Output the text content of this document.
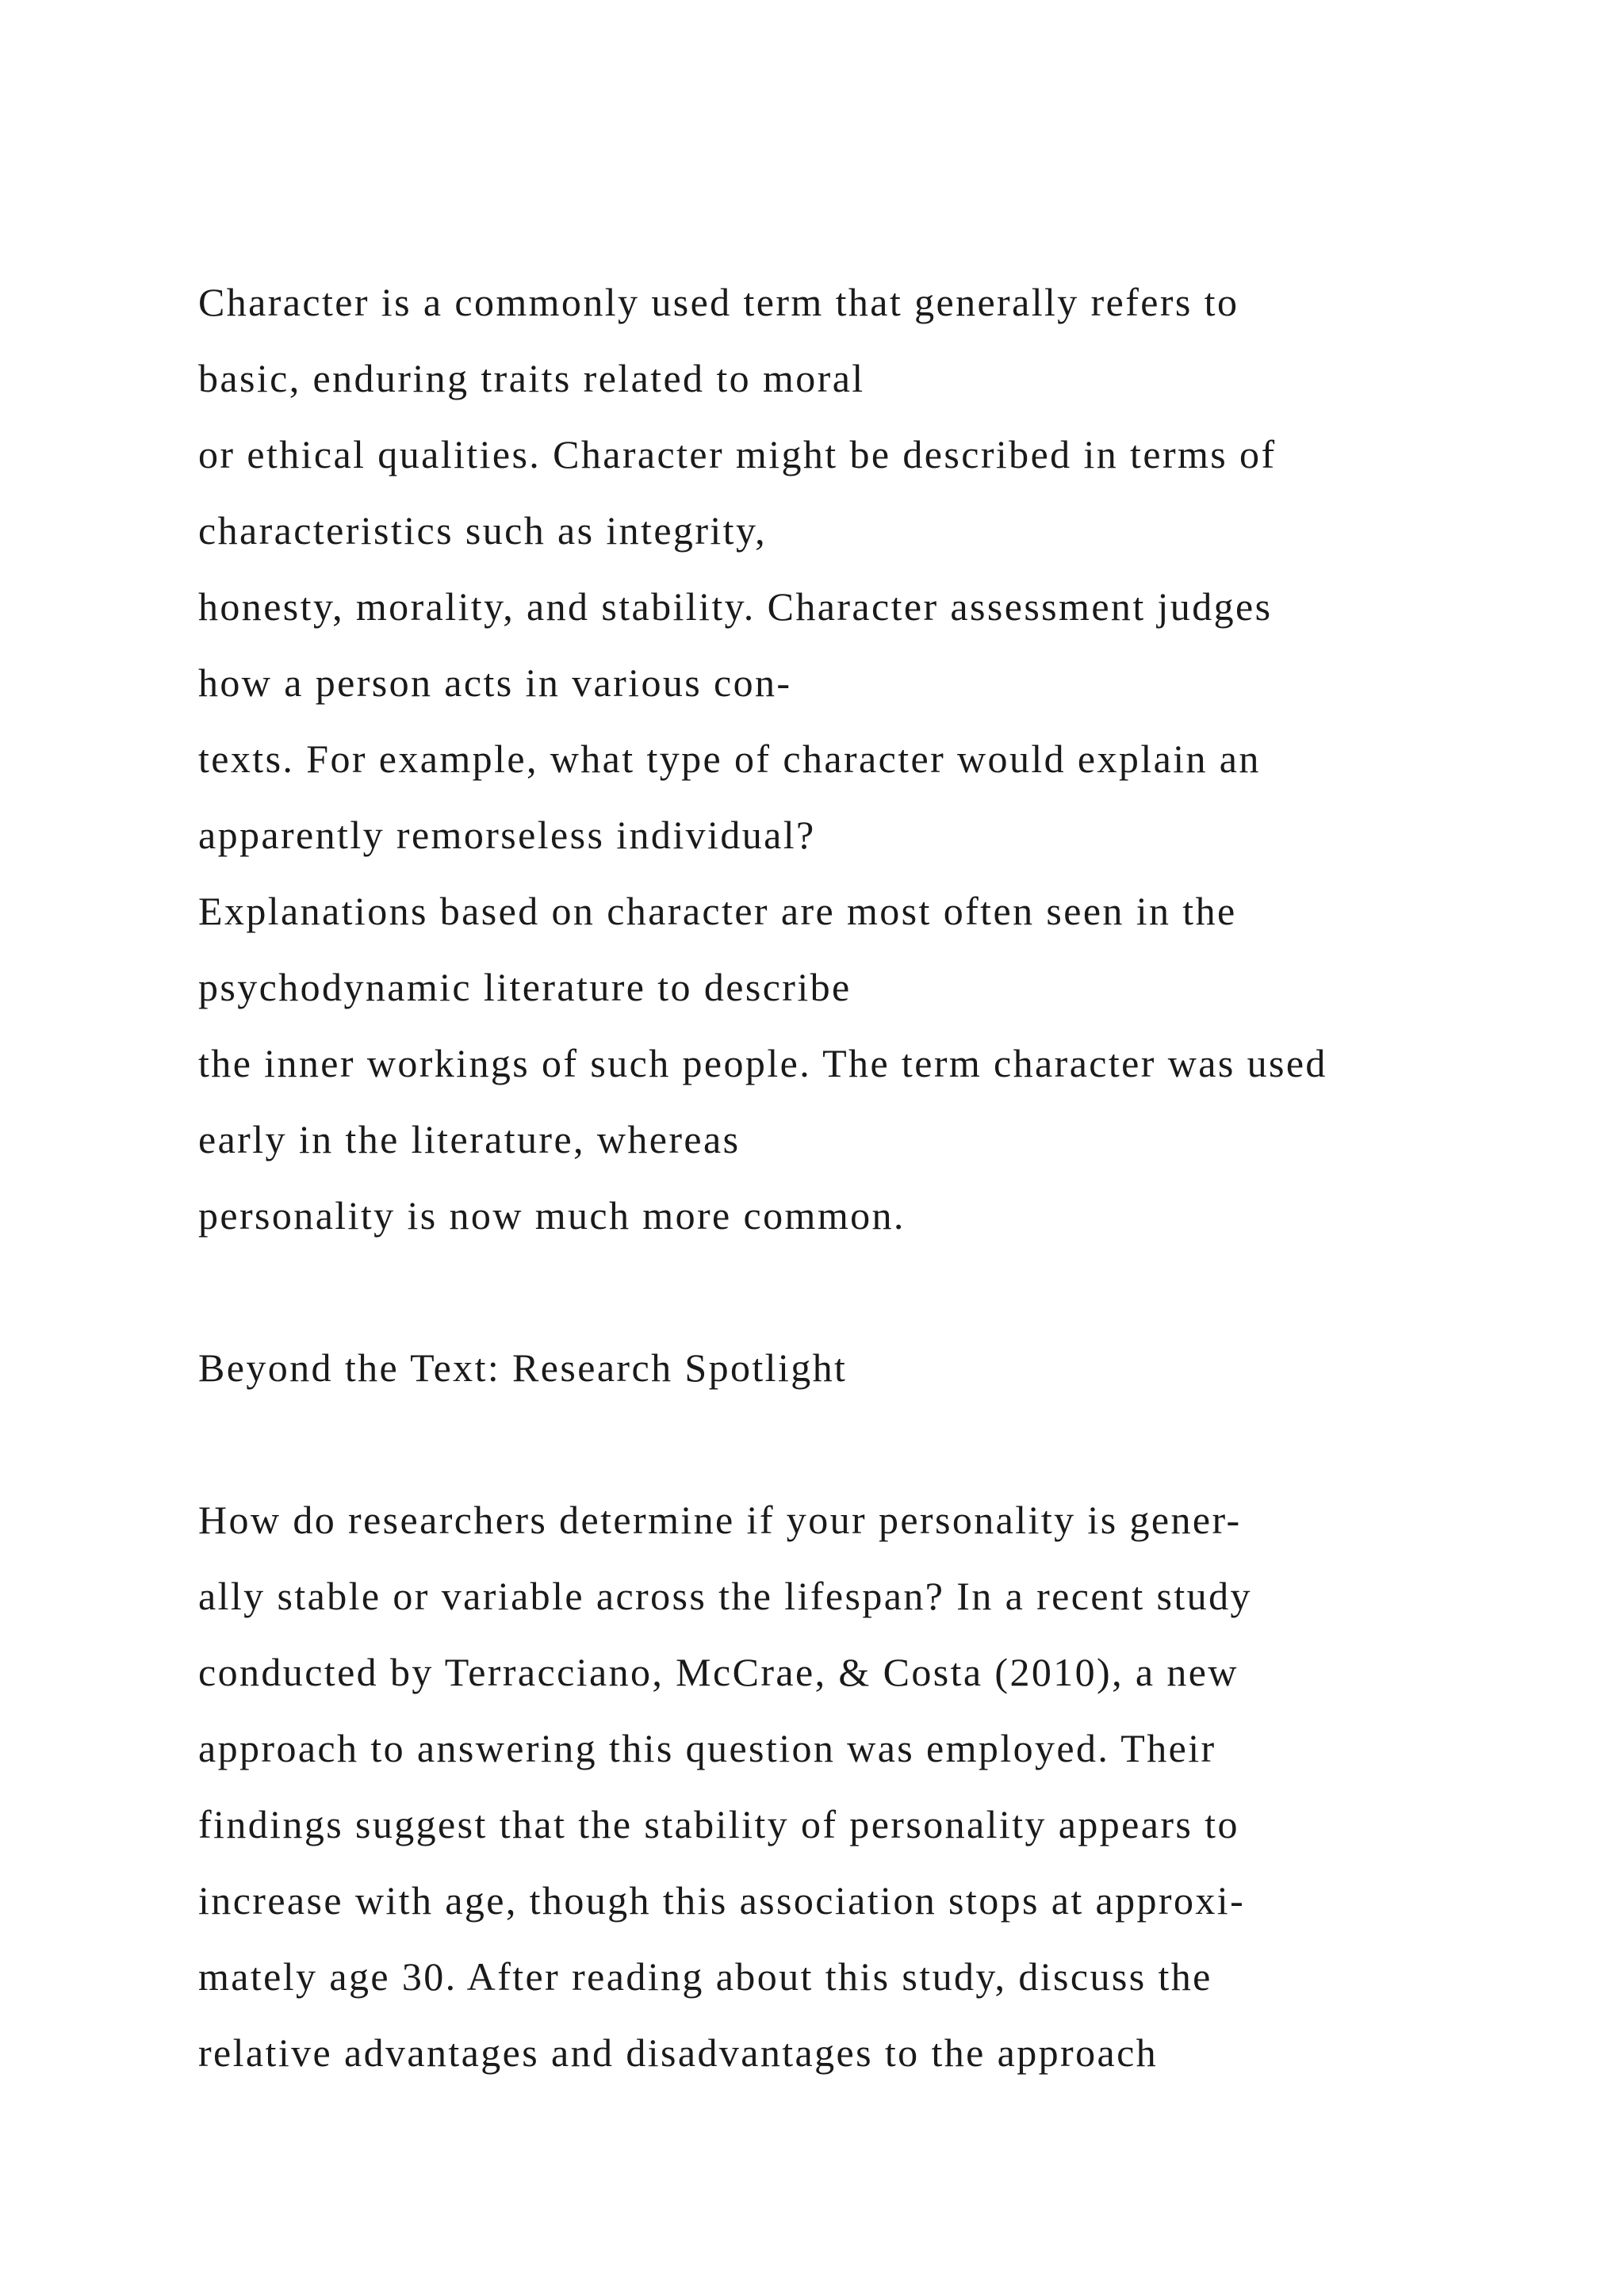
Character is a commonly used term that generally refers to
basic, enduring traits related to moral
or ethical qualities. Character might be described in terms of
characteristics such as integrity,
honesty, morality, and stability. Character assessment judges
how a person acts in various con-
texts. For example, what type of character would explain an
apparently remorseless individual?
Explanations based on character are most often seen in the
psychodynamic literature to describe
the inner workings of such people. The term character was used
early in the literature, whereas
personality is now much more common.
Beyond the Text: Research Spotlight
How do researchers determine if your personality is gener-
ally stable or variable across the lifespan? In a recent study
conducted by Terracciano, McCrae, & Costa (2010), a new
approach to answering this question was employed. Their
findings suggest that the stability of personality appears to
increase with age, though this association stops at approxi-
mately age 30. After reading about this study, discuss the
relative advantages and disadvantages to the approach
